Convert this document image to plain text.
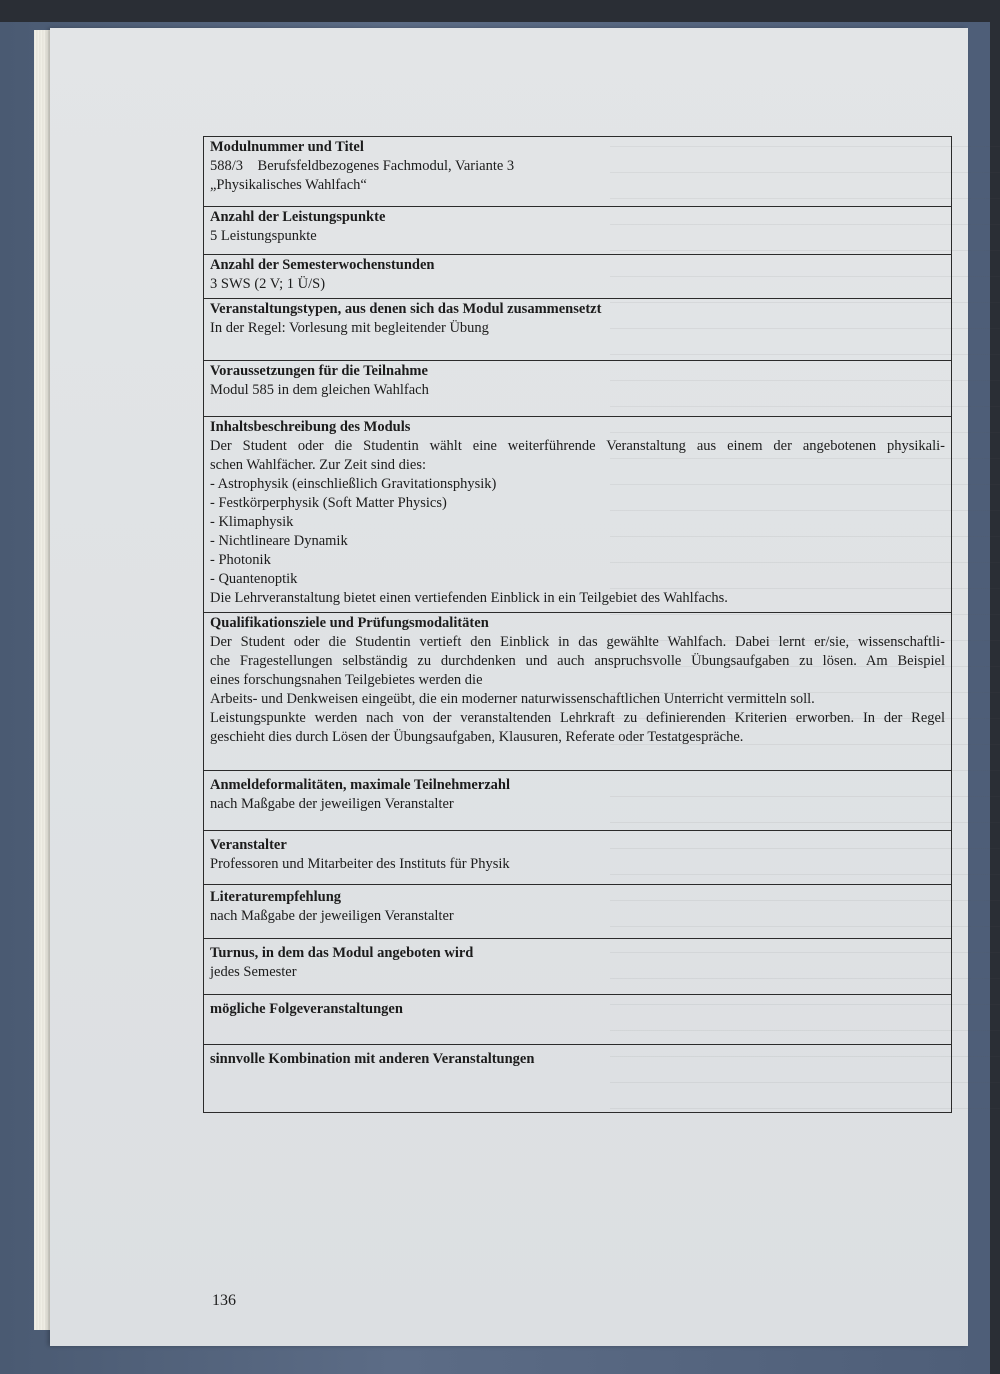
Modulnummer und Titel
588/3 Berufsfeldbezogenes Fachmodul, Variante 3
„Physikalisches Wahlfach“

Anzahl der Leistungspunkte
5 Leistungspunkte

Anzahl der Semesterwochenstunden
3 SWS (2 V; 1 Ü/S)

Veranstaltungstypen, aus denen sich das Modul zusammensetzt
In der Regel: Vorlesung mit begleitender Übung

Voraussetzungen für die Teilnahme
Modul 585 in dem gleichen Wahlfach

Inhaltsbeschreibung des Moduls
Der Student oder die Studentin wählt eine weiterführende Veranstaltung aus einem der angebotenen physikali-
schen Wahlfächer. Zur Zeit sind dies:
- Astrophysik (einschließlich Gravitationsphysik)
- Festkörperphysik (Soft Matter Physics)
- Klimaphysik
- Nichtlineare Dynamik
- Photonik
- Quantenoptik
Die Lehrveranstaltung bietet einen vertiefenden Einblick in ein Teilgebiet des Wahlfachs.

Qualifikationsziele und Prüfungsmodalitäten
Der Student oder die Studentin vertieft den Einblick in das gewählte Wahlfach. Dabei lernt er/sie, wissenschaftli-
che Fragestellungen selbständig zu durchdenken und auch anspruchsvolle Übungsaufgaben zu lösen. Am Beispiel
eines forschungsnahen Teilgebietes werden die
Arbeits- und Denkweisen eingeübt, die ein moderner naturwissenschaftlichen Unterricht vermitteln soll.
Leistungspunkte werden nach von der veranstaltenden Lehrkraft zu definierenden Kriterien erworben. In der Regel
geschieht dies durch Lösen der Übungsaufgaben, Klausuren, Referate oder Testatgespräche.

Anmeldeformalitäten, maximale Teilnehmerzahl
nach Maßgabe der jeweiligen Veranstalter

Veranstalter
Professoren und Mitarbeiter des Instituts für Physik

Literaturempfehlung
nach Maßgabe der jeweiligen Veranstalter

Turnus, in dem das Modul angeboten wird
jedes Semester

mögliche Folgeveranstaltungen

sinnvolle Kombination mit anderen Veranstaltungen
136
